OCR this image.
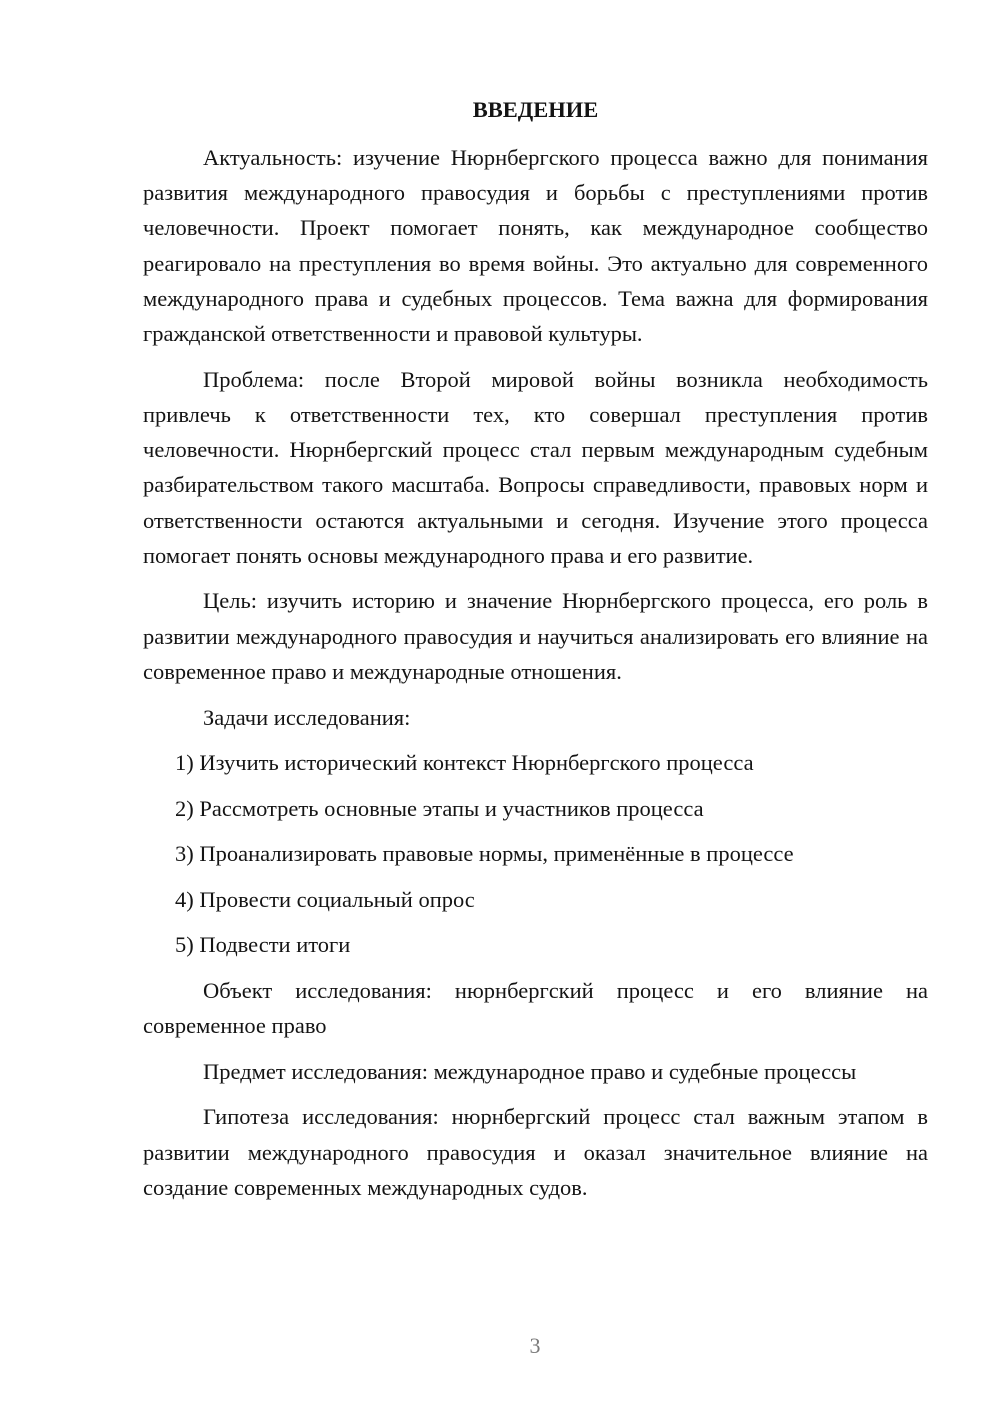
ВВЕДЕНИЕ

Актуальность: изучение Нюрнбергского процесса важно для понимания развития международного правосудия и борьбы с преступлениями против человечности. Проект помогает понять, как международное сообщество реагировало на преступления во время войны. Это актуально для современного международного права и судебных процессов. Тема важна для формирования гражданской ответственности и правовой культуры.

Проблема: после Второй мировой войны возникла необходимость привлечь к ответственности тех, кто совершал преступления против человечности. Нюрнбергский процесс стал первым международным судебным разбирательством такого масштаба. Вопросы справедливости, правовых норм и ответственности остаются актуальными и сегодня. Изучение этого процесса помогает понять основы международного права и его развитие.

Цель: изучить историю и значение Нюрнбергского процесса, его роль в развитии международного правосудия и научиться анализировать его влияние на современное право и международные отношения.

Задачи исследования:

1) Изучить исторический контекст Нюрнбергского процесса
2) Рассмотреть основные этапы и участников процесса
3) Проанализировать правовые нормы, применённые в процессе
4) Провести социальный опрос
5) Подвести итоги

Объект исследования: нюрнбергский процесс и его влияние на современное право

Предмет исследования: международное право и судебные процессы

Гипотеза исследования: нюрнбергский процесс стал важным этапом в развитии международного правосудия и оказал значительное влияние на создание современных международных судов.

3
